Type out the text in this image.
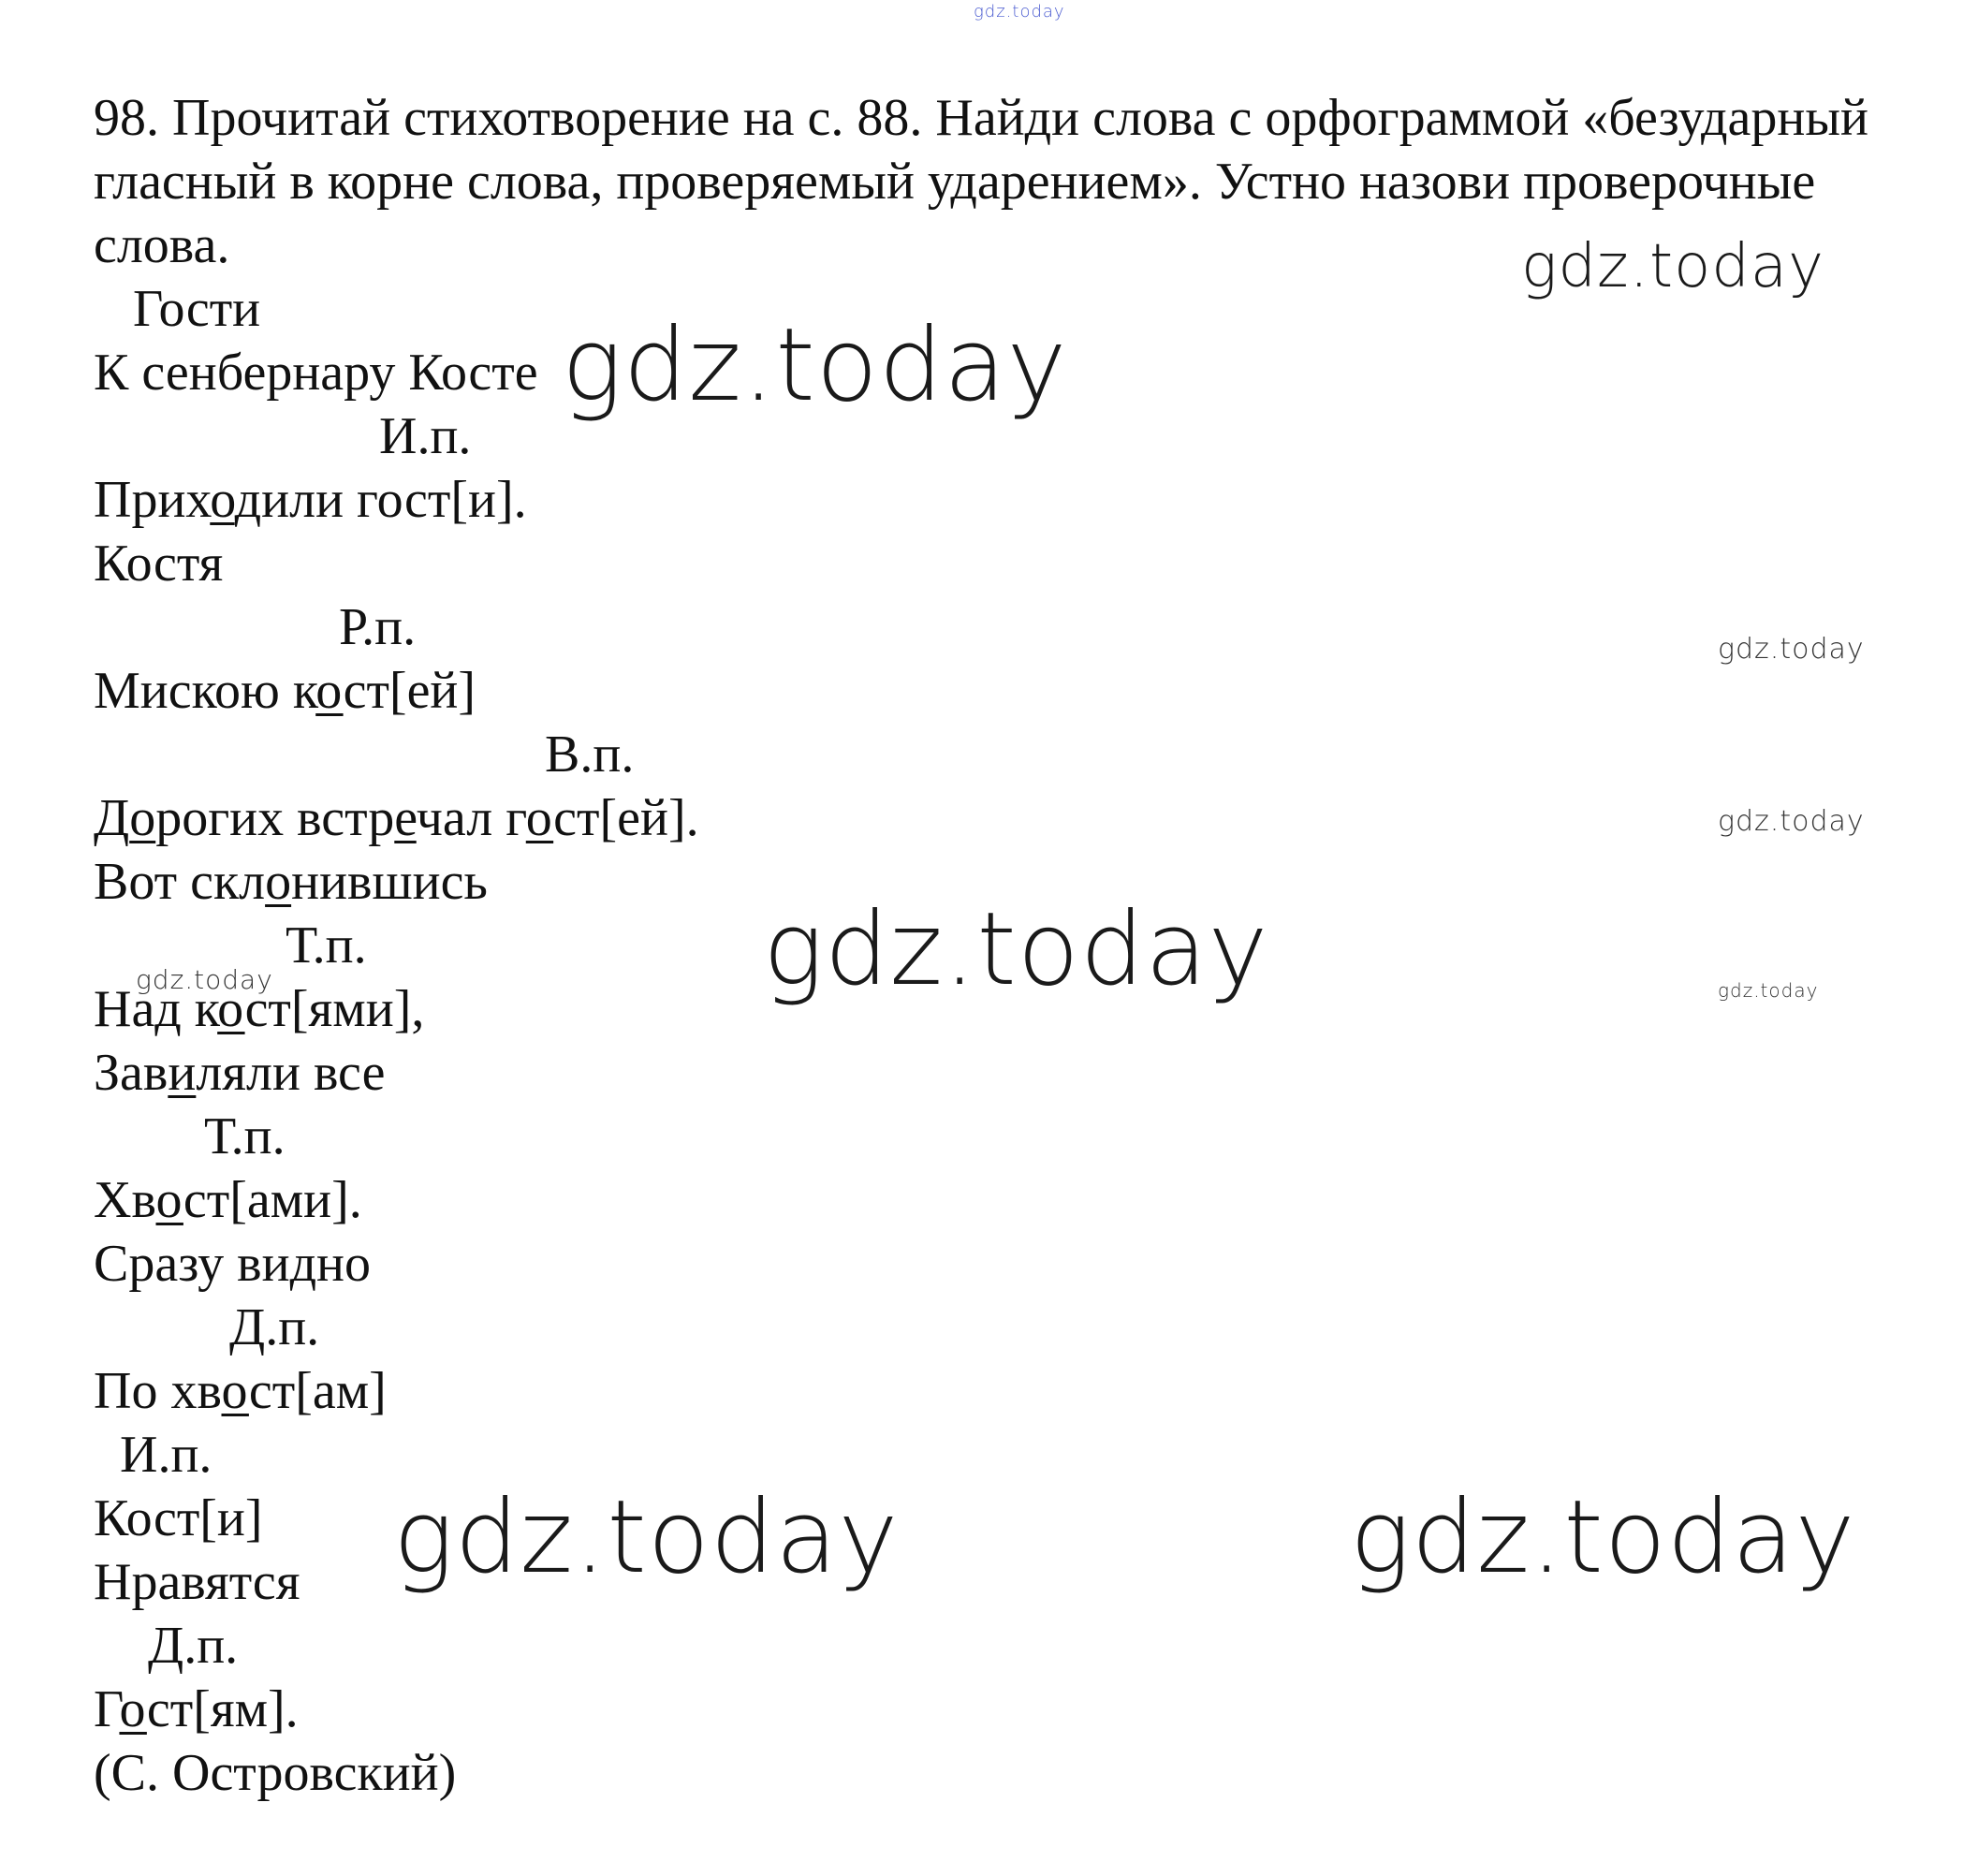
gdz.today
gdz.today
gdz.today
gdz.today
gdz.today
gdz.today
gdz.today	gdz.today
gdz.today	gdz.today

98. Прочитай стихотворение на с. 88. Найди слова с орфограммой «безударный гласный в корне слова, проверяемый ударением». Устно назови проверочные слова.

Гости
К сенбернару Косте
И.п.
Приходили гост[и].
Костя
Р.п.
Мискою кост[ей]
В.п.
Дорогих встречал гост[ей].
Вот склонившись
Т.п.
Над кост[ями],
Завиляли все
Т.п.
Хвост[ами].
Сразу видно
Д.п.
По хвост[ам]
И.п.
Кост[и]
Нравятся
Д.п.
Гост[ям].
(С. Островский)
